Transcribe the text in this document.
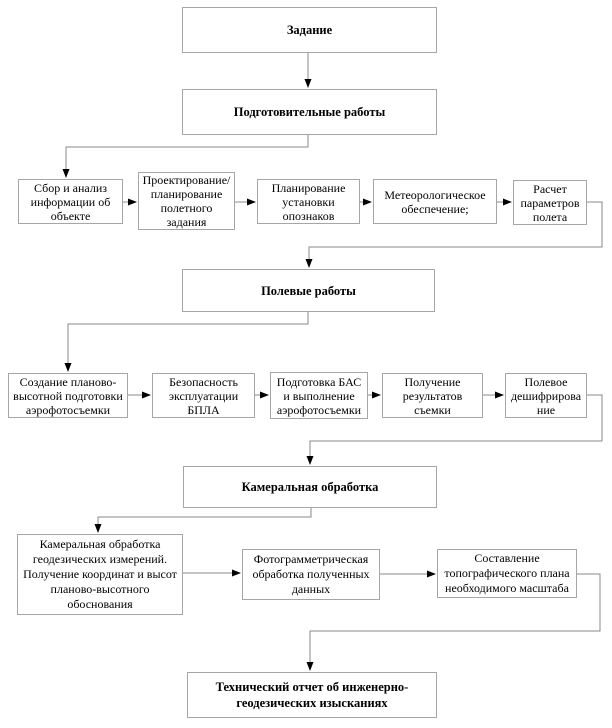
Задание
Подготовительные работы
Сбор и анализ
информации об
объекте
Проектирование/
планирование
полетного
задания
Планирование
установки
опознаков
Метеорологическое
обеспечение;
Расчет
параметров
полета
Полевые работы
Создание планово-
высотной подготовки
аэрофотосъемки
Безопасность
эксплуатации
БПЛА
Подготовка БАС
и выполнение
аэрофотосъемки
Получение
результатов
съемки
Полевое
дешифрирова
ние
Камеральная обработка
Камеральная обработка
геодезических измерений.
Получение координат и высот
планово-высотного
обоснования
Фотограмметрическая
обработка полученных
данных
Составление
топографического плана
необходимого масштаба
Технический отчет об инженерно-
геодезических изысканиях
